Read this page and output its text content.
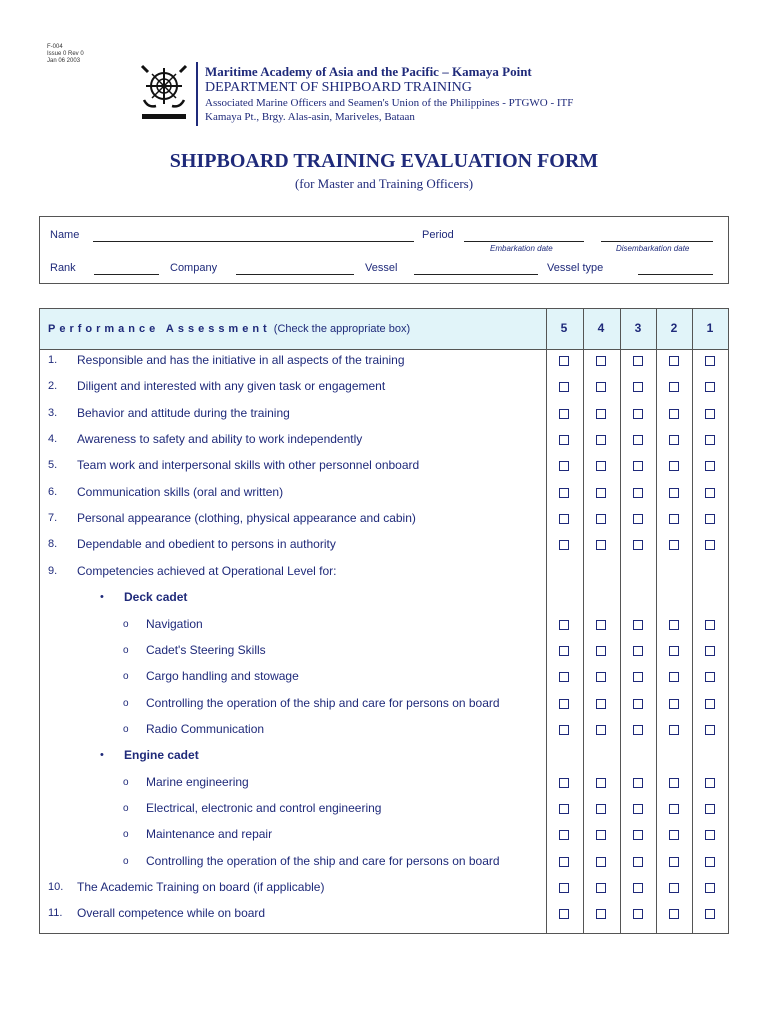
F-004
Issue 0 Rev 0
Jan 06 2003
Maritime Academy of Asia and the Pacific – Kamaya Point
DEPARTMENT OF SHIPBOARD TRAINING
Associated Marine Officers and Seamen's Union of the Philippines - PTGWO - ITF
Kamaya Pt., Brgy. Alas-asin, Mariveles, Bataan
SHIPBOARD TRAINING EVALUATION FORM
(for Master and Training Officers)
Name	Period
Embarkation date	Disembarkation date
Rank	Company	Vessel	Vessel type
Performance Assessment (Check the appropriate box)	5	4	3	2	1
1. Responsible and has the initiative in all aspects of the training
2. Diligent and interested with any given task or engagement
3. Behavior and attitude during the training
4. Awareness to safety and ability to work independently
5. Team work and interpersonal skills with other personnel onboard
6. Communication skills (oral and written)
7. Personal appearance (clothing, physical appearance and cabin)
8. Dependable and obedient to persons in authority
9. Competencies achieved at Operational Level for:
• Deck cadet
o Navigation
o Cadet's Steering Skills
o Cargo handling and stowage
o Controlling the operation of the ship and care for persons on board
o Radio Communication
• Engine cadet
o Marine engineering
o Electrical, electronic and control engineering
o Maintenance and repair
o Controlling the operation of the ship and care for persons on board
10. The Academic Training on board (if applicable)
11. Overall competence while on board
